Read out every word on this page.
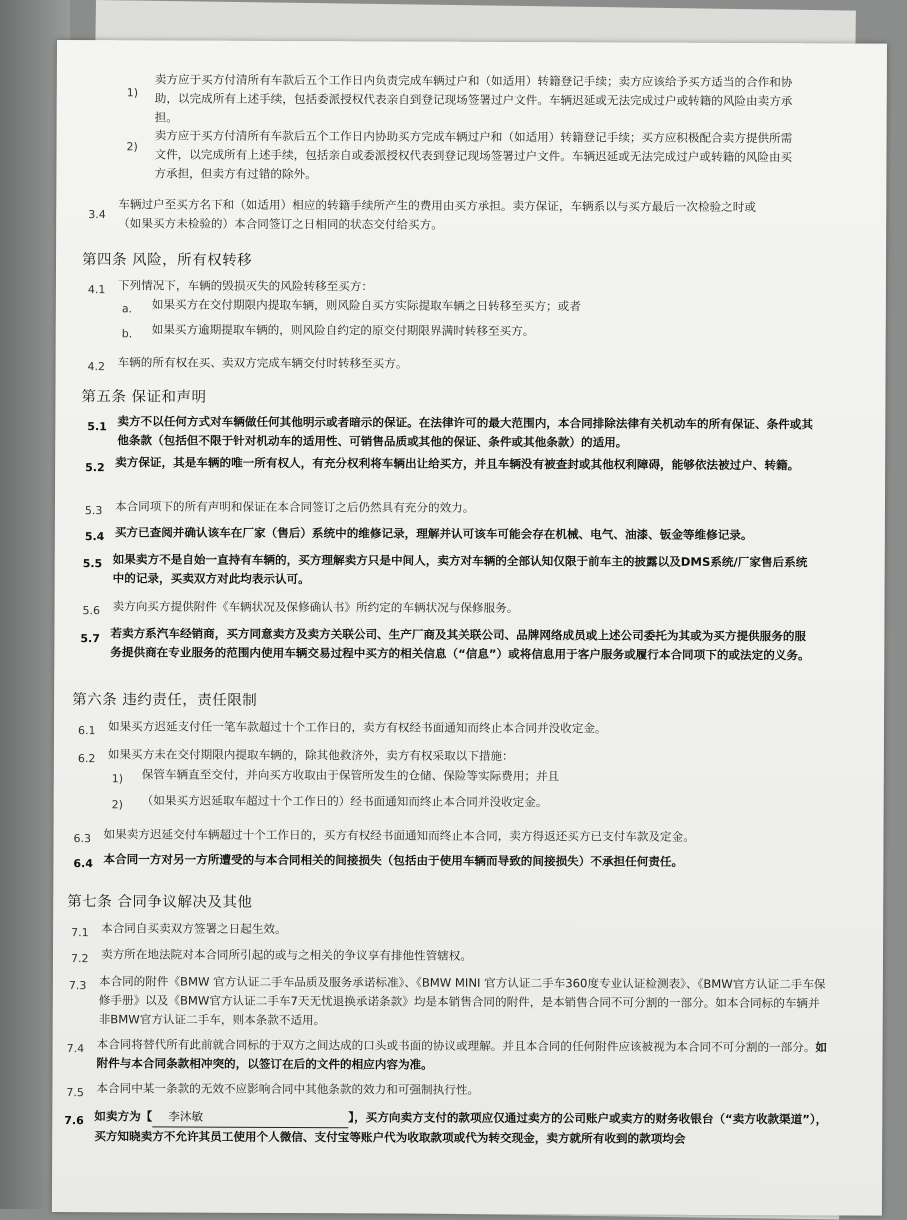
1)
卖方应于买方付清所有车款后五个工作日内负责完成车辆过户和（如适用）转籍登记手续；卖方应该给予买方适当的合作和协助，以完成所有上述手续，包括委派授权代表亲自到登记现场签署过户文件。车辆迟延或无法完成过户或转籍的风险由卖方承担。
2)
卖方应于买方付清所有车款后五个工作日内协助买方完成车辆过户和（如适用）转籍登记手续；买方应积极配合卖方提供所需文件，以完成所有上述手续，包括亲自或委派授权代表到登记现场签署过户文件。车辆迟延或无法完成过户或转籍的风险由买方承担，但卖方有过错的除外。
3.4
车辆过户至买方名下和（如适用）相应的转籍手续所产生的费用由买方承担。卖方保证，车辆系以与买方最后一次检验之时或（如果买方未检验的）本合同签订之日相同的状态交付给买方。
第四条 风险，所有权转移
4.1 下列情况下，车辆的毁损灭失的风险转移至买方：
a. 如果买方在交付期限内提取车辆，则风险自买方实际提取车辆之日转移至买方；或者
b. 如果买方逾期提取车辆的，则风险自约定的原交付期限界满时转移至买方。
4.2 车辆的所有权在买、卖双方完成车辆交付时转移至买方。
第五条 保证和声明
5.1 卖方不以任何方式对车辆做任何其他明示或者暗示的保证。在法律许可的最大范围内，本合同排除法律有关机动车的所有保证、条件或其他条款（包括但不限于针对机动车的适用性、可销售品质或其他的保证、条件或其他条款）的适用。
5.2 卖方保证，其是车辆的唯一所有权人，有充分权利将车辆出让给买方，并且车辆没有被查封或其他权利障碍，能够依法被过户、转籍。
5.3 本合同项下的所有声明和保证在本合同签订之后仍然具有充分的效力。
5.4 买方已查阅并确认该车在厂家（售后）系统中的维修记录，理解并认可该车可能会存在机械、电气、油漆、钣金等维修记录。
5.5 如果卖方不是自始一直持有车辆的，买方理解卖方只是中间人，卖方对车辆的全部认知仅限于前车主的披露以及DMS系统/厂家售后系统中的记录，买卖双方对此均表示认可。
5.6 卖方向买方提供附件《车辆状况及保修确认书》所约定的车辆状况与保修服务。
5.7 若卖方系汽车经销商，买方同意卖方及卖方关联公司、生产厂商及其关联公司、品牌网络成员或上述公司委托为其或为买方提供服务的服务提供商在专业服务的范围内使用车辆交易过程中买方的相关信息（“信息”）或将信息用于客户服务或履行本合同项下的或法定的义务。
第六条 违约责任，责任限制
6.1 如果买方迟延支付任一笔车款超过十个工作日的，卖方有权经书面通知而终止本合同并没收定金。
6.2 如果买方未在交付期限内提取车辆的，除其他救济外，卖方有权采取以下措施：
1) 保管车辆直至交付，并向买方收取由于保管所发生的仓储、保险等实际费用；并且
2) （如果买方迟延取车超过十个工作日的）经书面通知而终止本合同并没收定金。
6.3 如果卖方迟延交付车辆超过十个工作日的，买方有权经书面通知而终止本合同，卖方得返还买方已支付车款及定金。
6.4 本合同一方对另一方所遭受的与本合同相关的间接损失（包括由于使用车辆而导致的间接损失）不承担任何责任。
第七条 合同争议解决及其他
7.1 本合同自买卖双方签署之日起生效。
7.2 卖方所在地法院对本合同所引起的或与之相关的争议享有排他性管辖权。
7.3 本合同的附件《BMW 官方认证二手车品质及服务承诺标准》、《BMW MINI 官方认证二手车360度专业认证检测表》、《BMW官方认证二手车保修手册》以及《BMW官方认证二手车7天无忧退换承诺条款》均是本销售合同的附件，是本销售合同不可分割的一部分。如本合同标的车辆并非BMW官方认证二手车，则本条款不适用。
7.4 本合同将替代所有此前就合同标的于双方之间达成的口头或书面的协议或理解。并且本合同的任何附件应该被视为本合同不可分割的一部分。如附件与本合同条款相冲突的，以签订在后的文件的相应内容为准。
7.5 本合同中某一条款的无效不应影响合同中其他条款的效力和可强制执行性。
7.6 如卖方为【 李沐敏	】，买方向卖方支付的款项应仅通过卖方的公司账户或卖方的财务收银台（“卖方收款渠道”），买方知晓卖方不允许其员工使用个人微信、支付宝等账户代为收取款项或代为转交现金，卖方就所有收到的款项均会
